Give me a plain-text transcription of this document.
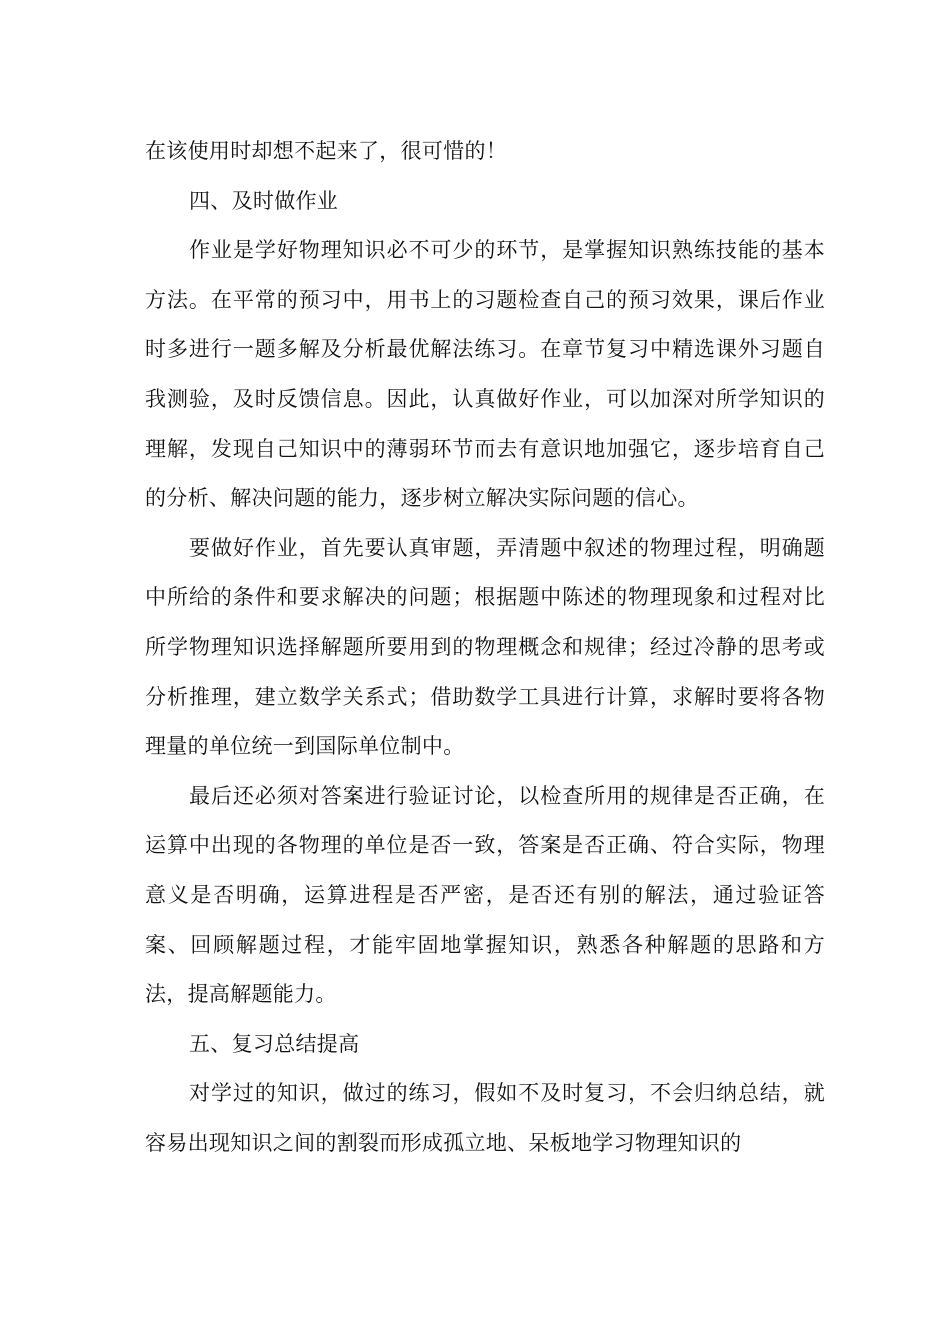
在该使用时却想不起来了，很可惜的！

四、及时做作业

作业是学好物理知识必不可少的环节，是掌握知识熟练技能的基本方法。在平常的预习中，用书上的习题检查自己的预习效果，课后作业时多进行一题多解及分析最优解法练习。在章节复习中精选课外习题自我测验，及时反馈信息。因此，认真做好作业，可以加深对所学知识的理解，发现自己知识中的薄弱环节而去有意识地加强它，逐步培育自己的分析、解决问题的能力，逐步树立解决实际问题的信心。

要做好作业，首先要认真审题，弄清题中叙述的物理过程，明确题中所给的条件和要求解决的问题；根据题中陈述的物理现象和过程对比所学物理知识选择解题所要用到的物理概念和规律；经过冷静的思考或分析推理，建立数学关系式；借助数学工具进行计算，求解时要将各物理量的单位统一到国际单位制中。

最后还必须对答案进行验证讨论，以检查所用的规律是否正确，在运算中出现的各物理的单位是否一致，答案是否正确、符合实际，物理意义是否明确，运算进程是否严密，是否还有别的解法，通过验证答案、回顾解题过程，才能牢固地掌握知识，熟悉各种解题的思路和方法，提高解题能力。

五、复习总结提高

对学过的知识，做过的练习，假如不及时复习，不会归纳总结，就容易出现知识之间的割裂而形成孤立地、呆板地学习物理知识的
